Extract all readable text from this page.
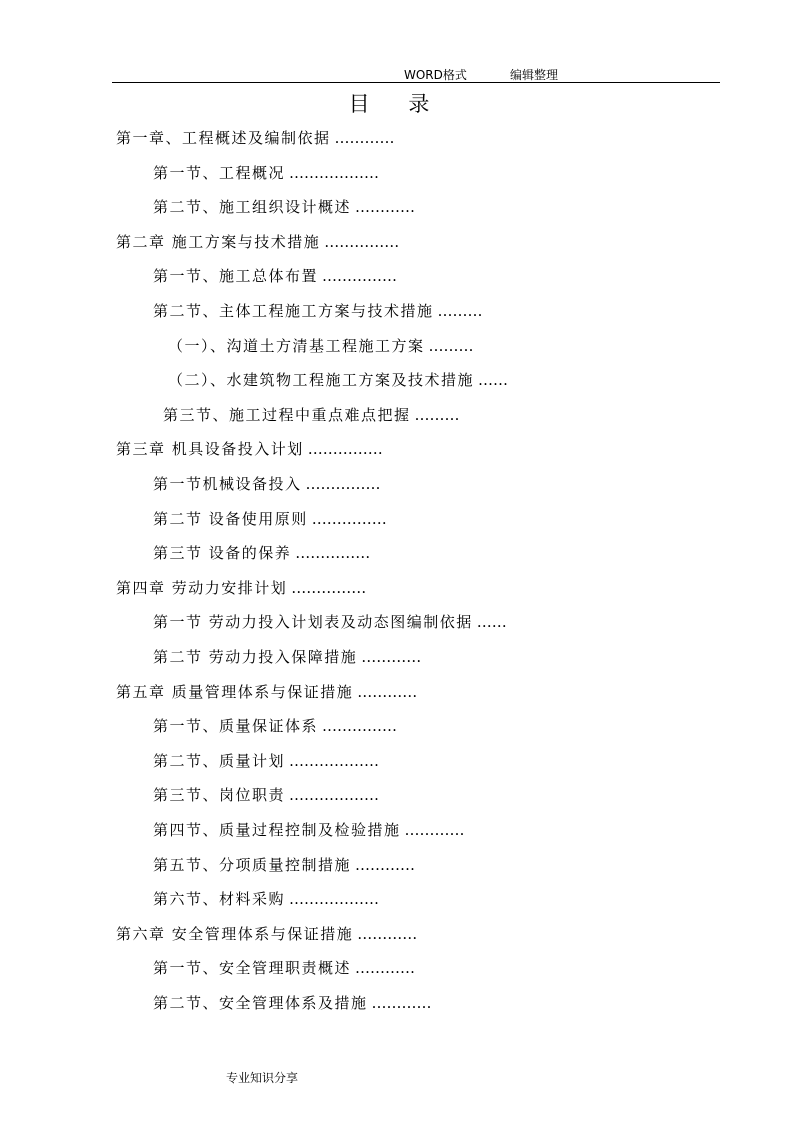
WORD格式	编辑整理
目 录
第一章、工程概述及编制依据 …………
第一节、工程概况 ………………
第二节、施工组织设计概述 …………
第二章 施工方案与技术措施 ……………
第一节、施工总体布置 ……………
第二节、主体工程施工方案与技术措施 ………
（一）、沟道土方清基工程施工方案 ………
（二）、水建筑物工程施工方案及技术措施 ……
第三节、施工过程中重点难点把握 ………
第三章 机具设备投入计划 ……………
第一节机械设备投入 ……………
第二节 设备使用原则 ……………
第三节 设备的保养 ……………
第四章 劳动力安排计划 ……………
第一节 劳动力投入计划表及动态图编制依据 ……
第二节 劳动力投入保障措施 …………
第五章 质量管理体系与保证措施 …………
第一节、质量保证体系 ……………
第二节、质量计划 ………………
第三节、岗位职责 ………………
第四节、质量过程控制及检验措施 …………
第五节、分项质量控制措施 …………
第六节、材料采购 ………………
第六章 安全管理体系与保证措施 …………
第一节、安全管理职责概述 …………
第二节、安全管理体系及措施 …………
专业知识分享
